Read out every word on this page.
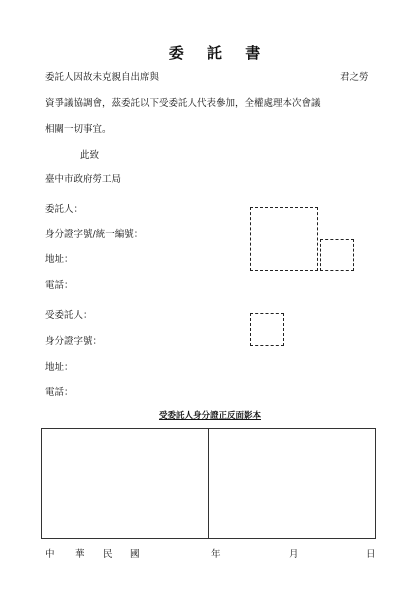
委 託 書
委託人因故未克親自出席與	君之勞
資爭議協調會，茲委託以下受委託人代表參加，全權處理本次會議
相關一切事宜。
此致
臺中市政府勞工局
委託人：
身分證字號/統一編號：
地址：
電話：
受委託人：
身分證字號：
地址：
電話：
受委託人身分證正反面影本
中 華 民 國	年	月	日
